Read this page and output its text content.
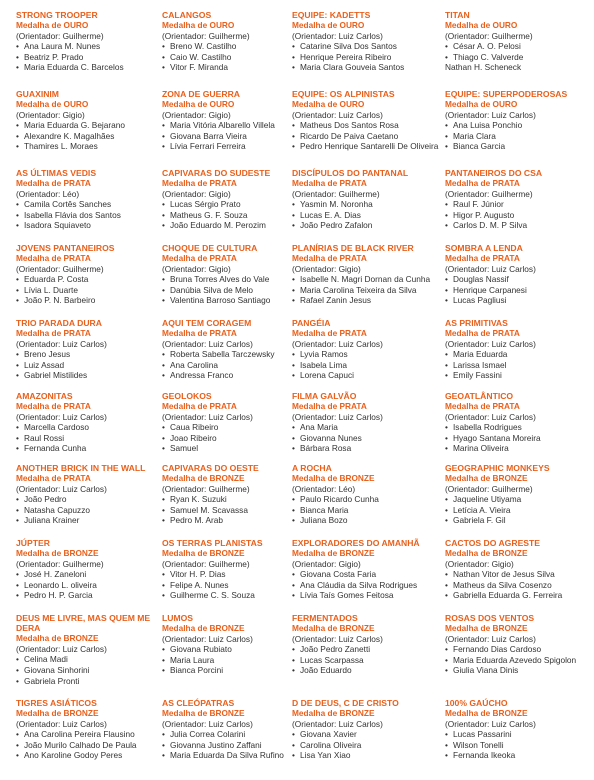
STRONG TROOPER
Medalha de OURO
(Orientador: Guilherme)
• Ana Laura M. Nunes
• Beatriz P. Prado
• Maria Eduarda C. Barcelos
CALANGOS
Medalha de OURO
(Orientador: Guilherme)
• Breno W. Castilho
• Caio W. Castilho
• Vitor F. Miranda
EQUIPE: KADETTS
Medalha de OURO
(Orientador: Luiz Carlos)
• Catarine Silva Dos Santos
• Henrique Pereira Ribeiro
• Maria Clara Gouveia Santos
TITAN
Medalha de OURO
(Orientador: Guilherme)
• César A. O. Pelosi
• Thiago C. Valverde
Nathan H. Scheneck
GUAXINIM
Medalha de OURO
(Orientador: Gigio)
• Maria Eduarda G. Bejarano
• Alexandre K. Magalhães
• Thamires L. Moraes
ZONA DE GUERRA
Medalha de OURO
(Orientador: Gigio)
• Maria Vitória Albarello Villela
• Giovana Barra Vieira
• Lívia Ferrari Ferreira
EQUIPE: OS ALPINISTAS
Medalha de OURO
(Orientador: Luiz Carlos)
• Matheus Dos Santos Rosa
• Ricardo De Paiva Caetano
• Pedro Henrique Santarelli De Oliveira
EQUIPE: SUPERPODEROSAS
Medalha de OURO
(Orientador: Luiz Carlos)
• Ana Luisa Ponchio
• Maria Clara
• Bianca Garcia
AS ÚLTIMAS VEDIS
Medalha de PRATA
(Orientador: Léo)
• Camila Cortês Sanches
• Isabella Flávia dos Santos
• Isadora Squiaveto
CAPIVARAS DO SUDESTE
Medalha de PRATA
(Orientador: Gigio)
• Lucas Sérgio Prato
• Matheus G. F. Souza
• João Eduardo M. Perozim
DISCÍPULOS DO PANTANAL
Medalha de PRATA
(Orientador: Guilherme)
• Yasmin M. Noronha
• Lucas E. A. Dias
• João Pedro Zafalon
PANTANEIROS DO CSA
Medalha de PRATA
(Orientador: Guilherme)
• Raul F. Júnior
• Higor P. Augusto
• Carlos D. M. P Silva
JOVENS PANTANEIROS
Medalha de PRATA
(Orientador: Guilherme)
• Eduarda P. Costa
• Lívia L. Duarte
• João P. N. Barbeiro
CHOQUE DE CULTURA
Medalha de PRATA
(Orientador: Gigio)
• Bruna Torres Alves do Vale
• Danúbia Silva de Melo
• Valentina Barroso Santiago
PLANÍRIAS DE BLACK RIVER
Medalha de PRATA
(Orientador: Gigio)
• Isabelle N. Magri Dornan da Cunha
• Maria Carolina Teixeira da Silva
• Rafael Zanin Jesus
SOMBRA A LENDA
Medalha de PRATA
(Orientador: Luiz Carlos)
• Douglas Nassif
• Henrique Carpanesi
• Lucas Pagliusi
TRIO PARADA DURA
Medalha de PRATA
(Orientador: Luiz Carlos)
• Breno Jesus
• Luiz Assad
• Gabriel Mistilides
AQUI TEM CORAGEM
Medalha de PRATA
(Orientador: Luiz Carlos)
• Roberta Sabella Tarczewsky
• Ana Carolina
• Andressa Franco
PANGÉIA
Medalha de PRATA
(Orientador: Luiz Carlos)
• Lyvia Ramos
• Isabela Lima
• Lorena Capuci
AS PRIMITIVAS
Medalha de PRATA
(Orientador: Luiz Carlos)
• Maria Eduarda
• Larissa Ismael
• Emily Fassini
AMAZONITAS
Medalha de PRATA
(Orientador: Luiz Carlos)
• Marcella Cardoso
• Raul Rossi
• Fernanda Cunha
GEOLOKOS
Medalha de PRATA
(Orientador: Luiz Carlos)
• Caua Ribeiro
• Joao Ribeiro
• Samuel
FILMA GALVÃO
Medalha de PRATA
(Orientador: Luiz Carlos)
• Ana Maria
• Giovanna Nunes
• Bárbara Rosa
GEOATLÂNTICO
Medalha de PRATA
(Orientador: Luiz Carlos)
• Isabella Rodrigues
• Hyago Santana Moreira
• Marina Oliveira
ANOTHER BRICK IN THE WALL
Medalha de PRATA
(Orientador: Luiz Carlos)
• João Pedro
• Natasha Capuzzo
• Juliana Krainer
CAPIVARAS DO OESTE
Medalha de BRONZE
(Orientador: Guilherme)
• Ryan K. Suzuki
• Samuel M. Scavassa
• Pedro M. Arab
A ROCHA
Medalha de BRONZE
(Orientador: Léo)
• Paulo Ricardo Cunha
• Bianca Maria
• Juliana Bozo
GEOGRAPHIC MONKEYS
Medalha de BRONZE
(Orientador: Guilherme)
• Jaqueline Utiyama
• Letícia A. Vieira
• Gabriela F. Gil
JÚPTER
Medalha de BRONZE
(Orientador: Guilherme)
• José H. Zaneloni
• Leonardo L. oliveira
• Pedro H. P. Garcia
OS TERRAS PLANISTAS
Medalha de BRONZE
(Orientador: Guilherme)
• Vitor H. P. Dias
• Felipe A. Nunes
• Guilherme C. S. Souza
EXPLORADORES DO AMANHÃ
Medalha de BRONZE
(Orientador: Gigio)
• Giovana Costa Faria
• Ana Cláudia da Silva Rodrigues
• Lívia Taís Gomes Feitosa
CACTOS DO AGRESTE
Medalha de BRONZE
(Orientador: Gigio)
• Nathan Vitor de Jesus Silva
• Matheus da Silva Cosenzo
• Gabriella Eduarda G. Ferreira
DEUS ME LIVRE, MAS QUEM ME DERA
Medalha de BRONZE
(Orientador: Luiz Carlos)
• Celina Madi
• Giovana Sinhorini
• Gabriela Pronti
LUMOS
Medalha de BRONZE
(Orientador: Luiz Carlos)
• Giovana Rubiato
• Maria Laura
• Bianca Porcini
FERMENTADOS
Medalha de BRONZE
(Orientador: Luiz Carlos)
• João Pedro Zanetti
• Lucas Scarpassa
• João Eduardo
ROSAS DOS VENTOS
Medalha de BRONZE
(Orientador: Luiz Carlos)
• Fernando Dias Cardoso
• Maria Eduarda Azevedo Spigolon
• Giulia Viana Dinis
TIGRES ASIÁTICOS
Medalha de BRONZE
(Orientador: Luiz Carlos)
• Ana Carolina Pereira Flausino
• João Murilo Calhado De Paula
• Ano Karoline Godoy Peres
AS CLEÓPATRAS
Medalha de BRONZE
(Orientador: Luiz Carlos)
• Julia Correa Colarini
• Giovanna Justino Zaffani
• Maria Eduarda Da Silva Rufino
D DE DEUS, C DE CRISTO
Medalha de BRONZE
(Orientador: Luiz Carlos)
• Giovana Xavier
• Carolina Oliveira
• Lisa Yan Xiao
100% GAÚCHO
Medalha de BRONZE
(Orientador: Luiz Carlos)
• Lucas Passarini
• Wilson Tonelli
• Fernanda Ikeoka
